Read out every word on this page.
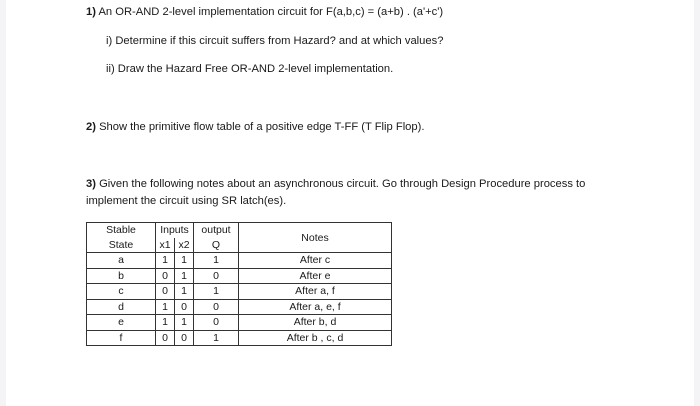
1) An OR-AND 2-level implementation circuit for F(a,b,c) = (a+b) . (a'+c')
i) Determine if this circuit suffers from Hazard? and at which values?
ii) Draw the Hazard Free OR-AND 2-level implementation.
2) Show the primitive flow table of a positive edge T-FF (T Flip Flop).
3) Given the following notes about an asynchronous circuit. Go through Design Procedure process to
implement the circuit using SR latch(es).
Stable	Inputs		output	Notes
State	x1	x2	Q	
a	1	1	1	After c
b	0	1	0	After e
c	0	1	1	After a, f
d	1	0	0	After a, e, f
e	1	1	0	After b, d
f	0	0	1	After b , c, d
